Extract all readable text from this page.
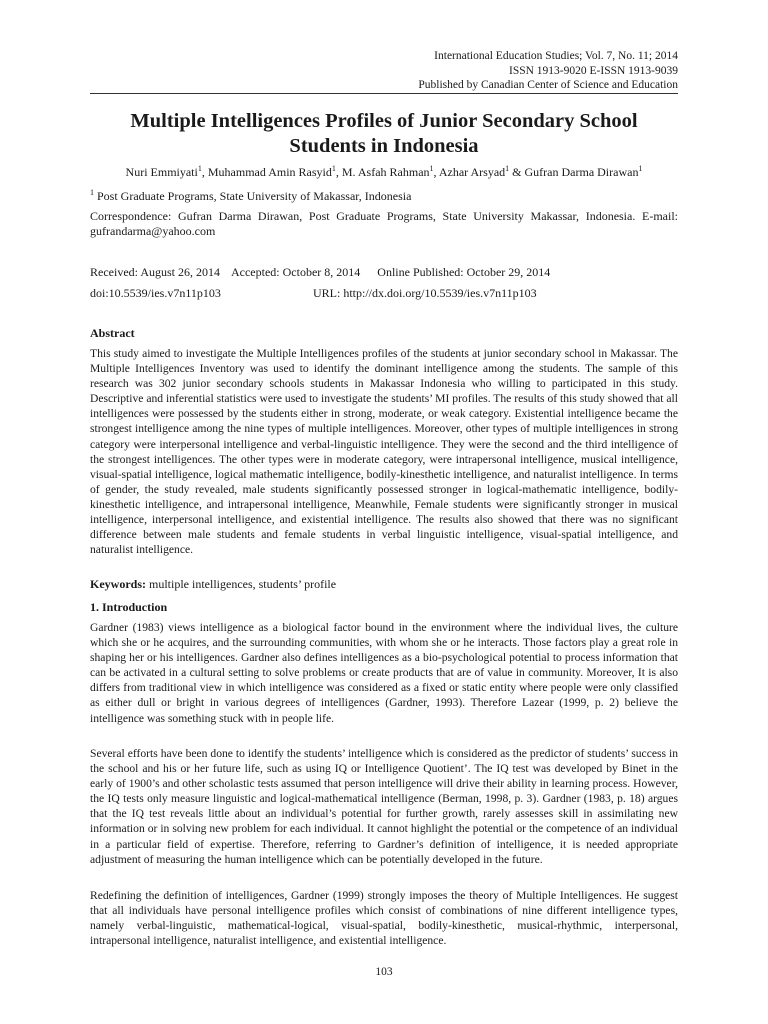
International Education Studies; Vol. 7, No. 11; 2014
ISSN 1913-9020 E-ISSN 1913-9039
Published by Canadian Center of Science and Education
Multiple Intelligences Profiles of Junior Secondary School Students in Indonesia
Nuri Emmiyati$^1$, Muhammad Amin Rasyid$^1$, M. Asfah Rahman$^1$, Azhar Arsyad$^1$ & Gufran Darma Dirawan$^1$
$^1$ Post Graduate Programs, State University of Makassar, Indonesia
Correspondence: Gufran Darma Dirawan, Post Graduate Programs, State University Makassar, Indonesia. E-mail: gufrandarma@yahoo.com
Received: August 26, 2014 Accepted: October 8, 2014 Online Published: October 29, 2014
doi:10.5539/ies.v7n11p103	URL: http://dx.doi.org/10.5539/ies.v7n11p103
Abstract
This study aimed to investigate the Multiple Intelligences profiles of the students at junior secondary school in Makassar. The Multiple Intelligences Inventory was used to identify the dominant intelligence among the students. The sample of this research was 302 junior secondary schools students in Makassar Indonesia who willing to participated in this study. Descriptive and inferential statistics were used to investigate the students’ MI profiles. The results of this study showed that all intelligences were possessed by the students either in strong, moderate, or weak category. Existential intelligence became the strongest intelligence among the nine types of multiple intelligences. Moreover, other types of multiple intelligences in strong category were interpersonal intelligence and verbal-linguistic intelligence. They were the second and the third intelligence of the strongest intelligences. The other types were in moderate category, were intrapersonal intelligence, musical intelligence, visual-spatial intelligence, logical mathematic intelligence, bodily-kinesthetic intelligence, and naturalist intelligence. In terms of gender, the study revealed, male students significantly possessed stronger in logical-mathematic intelligence, bodily-kinesthetic intelligence, and intrapersonal intelligence, Meanwhile, Female students were significantly stronger in musical intelligence, interpersonal intelligence, and existential intelligence. The results also showed that there was no significant difference between male students and female students in verbal linguistic intelligence, visual-spatial intelligence, and naturalist intelligence.
Keywords: multiple intelligences, students’ profile
1. Introduction
Gardner (1983) views intelligence as a biological factor bound in the environment where the individual lives, the culture which she or he acquires, and the surrounding communities, with whom she or he interacts. Those factors play a great role in shaping her or his intelligences. Gardner also defines intelligences as a bio-psychological potential to process information that can be activated in a cultural setting to solve problems or create products that are of value in community. Moreover, It is also differs from traditional view in which intelligence was considered as a fixed or static entity where people were only classified as either dull or bright in various degrees of intelligences (Gardner, 1993). Therefore Lazear (1999, p. 2) believe the intelligence was something stuck with in people life.
Several efforts have been done to identify the students’ intelligence which is considered as the predictor of students’ success in the school and his or her future life, such as using IQ or Intelligence Quotient’. The IQ test was developed by Binet in the early of 1900’s and other scholastic tests assumed that person intelligence will drive their ability in learning process. However, the IQ tests only measure linguistic and logical-mathematical intelligence (Berman, 1998, p. 3). Gardner (1983, p. 18) argues that the IQ test reveals little about an individual’s potential for further growth, rarely assesses skill in assimilating new information or in solving new problem for each individual. It cannot highlight the potential or the competence of an individual in a particular field of expertise. Therefore, referring to Gardner’s definition of intelligence, it is needed appropriate adjustment of measuring the human intelligence which can be potentially developed in the future.
Redefining the definition of intelligences, Gardner (1999) strongly imposes the theory of Multiple Intelligences. He suggest that all individuals have personal intelligence profiles which consist of combinations of nine different intelligence types, namely verbal-linguistic, mathematical-logical, visual-spatial, bodily-kinesthetic, musical-rhythmic, interpersonal, intrapersonal intelligence, naturalist intelligence, and existential intelligence.
103
